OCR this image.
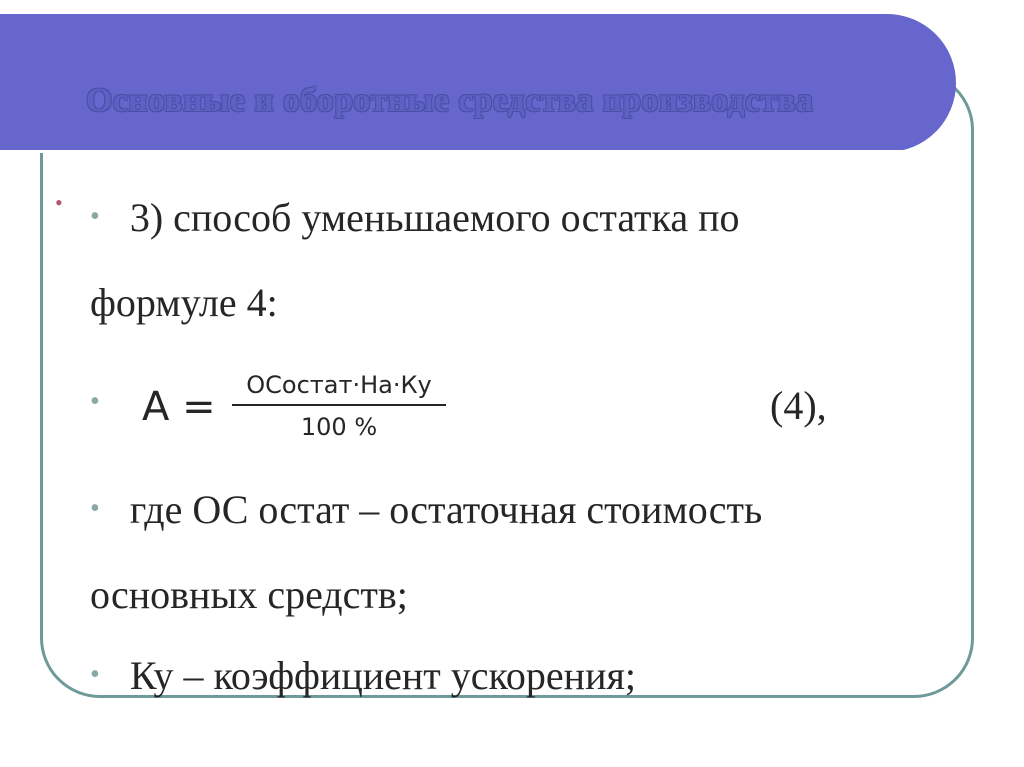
Основные и оборотные средства производства
• • 3) способ уменьшаемого остатка по
формуле 4:
• A =	ОСостат·На·Ку
100 %	(4),
• где ОС остат – остаточная стоимость
основных средств;
• Ку – коэффициент ускорения;
